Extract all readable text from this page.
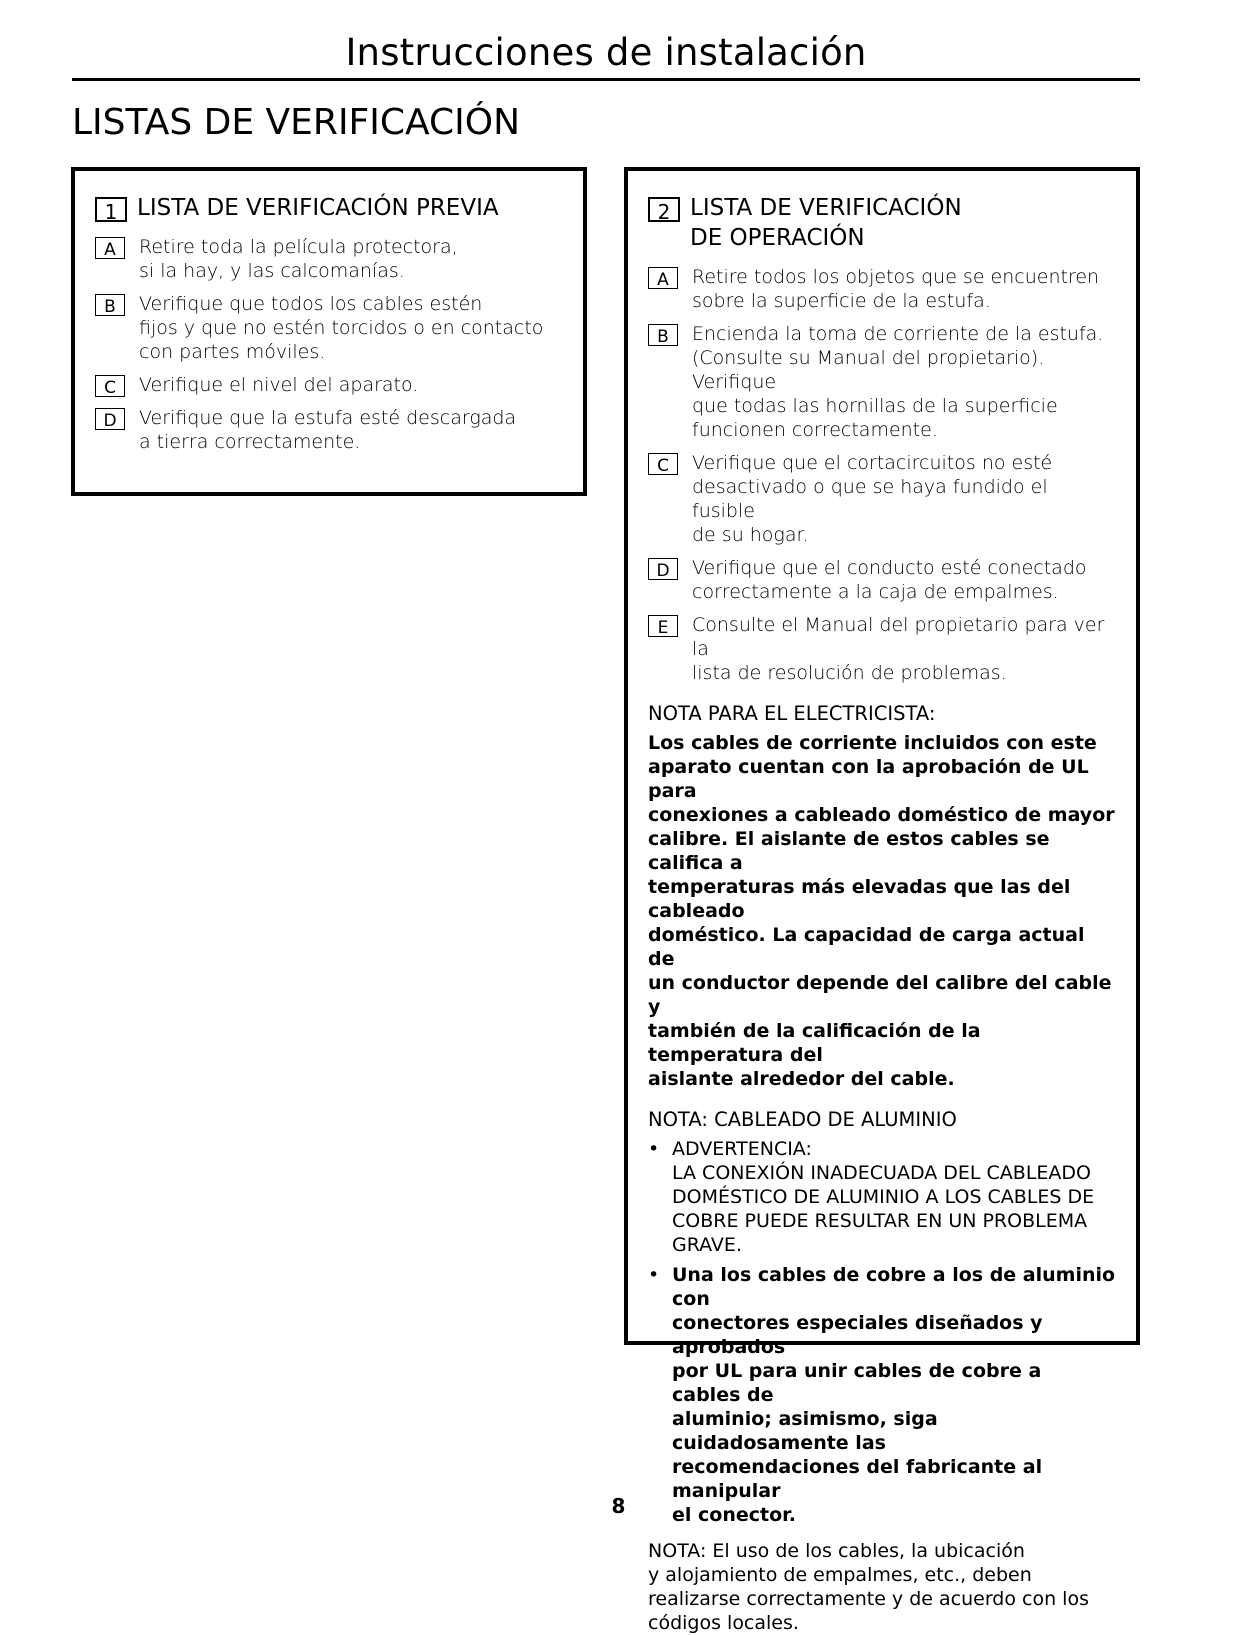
Instrucciones de instalación
LISTAS DE VERIFICACIÓN
1 LISTA DE VERIFICACIÓN PREVIA

A	Retire toda la película protectora,
si la hay, y las calcomanías.
B	Verifique que todos los cables estén
fijos y que no estén torcidos o en contacto
con partes móviles.
C	Verifique el nivel del aparato.
D	Verifique que la estufa esté descargada
a tierra correctamente.
2 LISTA DE VERIFICACIÓN
DE OPERACIÓN

A	Retire todos los objetos que se encuentren
sobre la superficie de la estufa.
B	Encienda la toma de corriente de la estufa.
(Consulte su Manual del propietario). Verifique
que todas las hornillas de la superficie
funcionen correctamente.
C	Verifique que el cortacircuitos no esté
desactivado o que se haya fundido el fusible
de su hogar.
D	Verifique que el conducto esté conectado
correctamente a la caja de empalmes.
E	Consulte el Manual del propietario para ver la
lista de resolución de problemas.
NOTA PARA EL ELECTRICISTA:

Los cables de corriente incluidos con este
aparato cuentan con la aprobación de UL para
conexiones a cableado doméstico de mayor
calibre. El aislante de estos cables se califica a
temperaturas más elevadas que las del cableado
doméstico. La capacidad de carga actual de
un conductor depende del calibre del cable y
también de la calificación de la temperatura del
aislante alrededor del cable.

NOTA: CABLEADO DE ALUMINIO
• ADVERTENCIA:
LA CONEXIÓN INADECUADA DEL CABLEADO
DOMÉSTICO DE ALUMINIO A LOS CABLES DE
COBRE PUEDE RESULTAR EN UN PROBLEMA
GRAVE.
• Una los cables de cobre a los de aluminio con
conectores especiales diseñados y aprobados
por UL para unir cables de cobre a cables de
aluminio; asimismo, siga cuidadosamente las
recomendaciones del fabricante al manipular
el conector.

NOTA: El uso de los cables, la ubicación
y alojamiento de empalmes, etc., deben
realizarse correctamente y de acuerdo con los
códigos locales.

8
